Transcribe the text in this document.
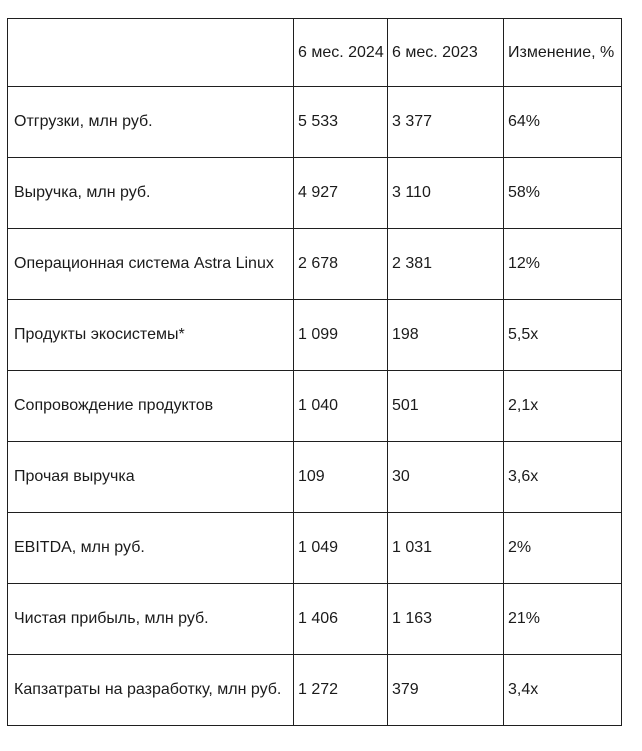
	6 мес. 2024	6 мес. 2023	Изменение, %
Отгрузки, млн руб.	5 533	3 377	64%
Выручка, млн руб.	4 927	3 110	58%
Операционная система Astra Linux	2 678	2 381	12%
Продукты экосистемы*	1 099	198	5,5x
Сопровождение продуктов	1 040	501	2,1x
Прочая выручка	109	30	3,6x
EBITDA, млн руб.	1 049	1 031	2%
Чистая прибыль, млн руб.	1 406	1 163	21%
Капзатраты на разработку, млн руб.	1 272	379	3,4x
